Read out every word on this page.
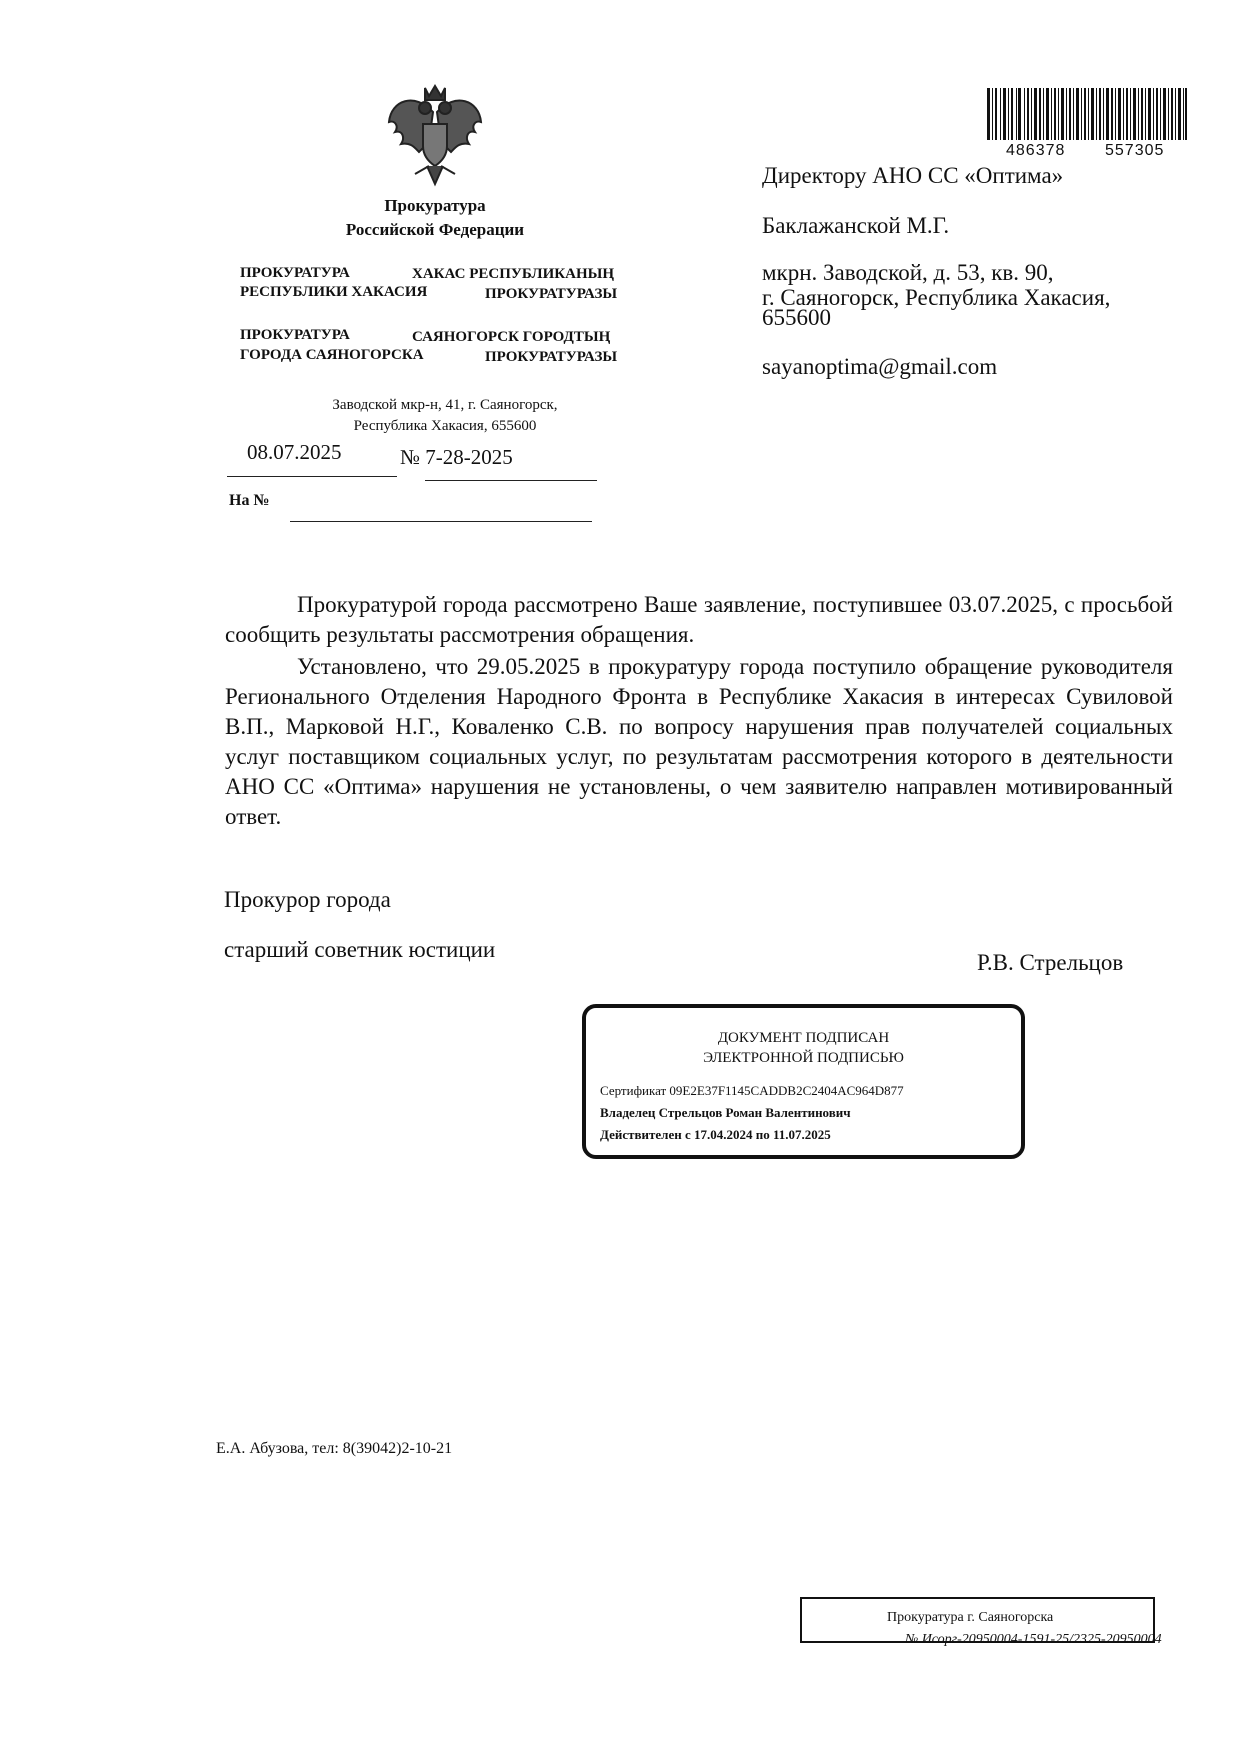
Прокуратура
Российской Федерации
ПРОКУРАТУРА
РЕСПУБЛИКИ ХАКАСИЯ
ХАКАС РЕСПУБЛИКАНЫҢ
ПРОКУРАТУРАЗЫ
ПРОКУРАТУРА
ГОРОДА САЯНОГОРСКА
САЯНОГОРСК ГОРОДТЫҢ
ПРОКУРАТУРАЗЫ
Заводской мкр-н, 41, г. Саяногорск,
Республика Хакасия, 655600
08.07.2025	№ 7-28-2025
На №
486378 557305
Директору АНО СС «Оптима»
Баклажанской М.Г.
мкрн. Заводской, д. 53, кв. 90,
г. Саяногорск, Республика Хакасия,
655600
sayanoptima@gmail.com

Прокуратурой города рассмотрено Ваше заявление, поступившее 03.07.2025, с просьбой сообщить результаты рассмотрения обращения.

Установлено, что 29.05.2025 в прокуратуру города поступило обращение руководителя Регионального Отделения Народного Фронта в Республике Хакасия в интересах Сувиловой В.П., Марковой Н.Г., Коваленко С.В. по вопросу нарушения прав получателей социальных услуг поставщиком социальных услуг, по результатам рассмотрения которого в деятельности АНО СС «Оптима» нарушения не установлены, о чем заявителю направлен мотивированный ответ.

Прокурор города
старший советник юстиции
Р.В. Стрельцов
ДОКУМЕНТ ПОДПИСАН
ЭЛЕКТРОННОЙ ПОДПИСЬЮ
Сертификат 09E2E37F1145CADDB2C2404AC964D877
Владелец Стрельцов Роман Валентинович
Действителен с 17.04.2024 по 11.07.2025
Е.А. Абузова, тел: 8(39042)2-10-21
Прокуратура г. Саяногорска
№ Исорг-20950004-1591-25/2325-20950004
